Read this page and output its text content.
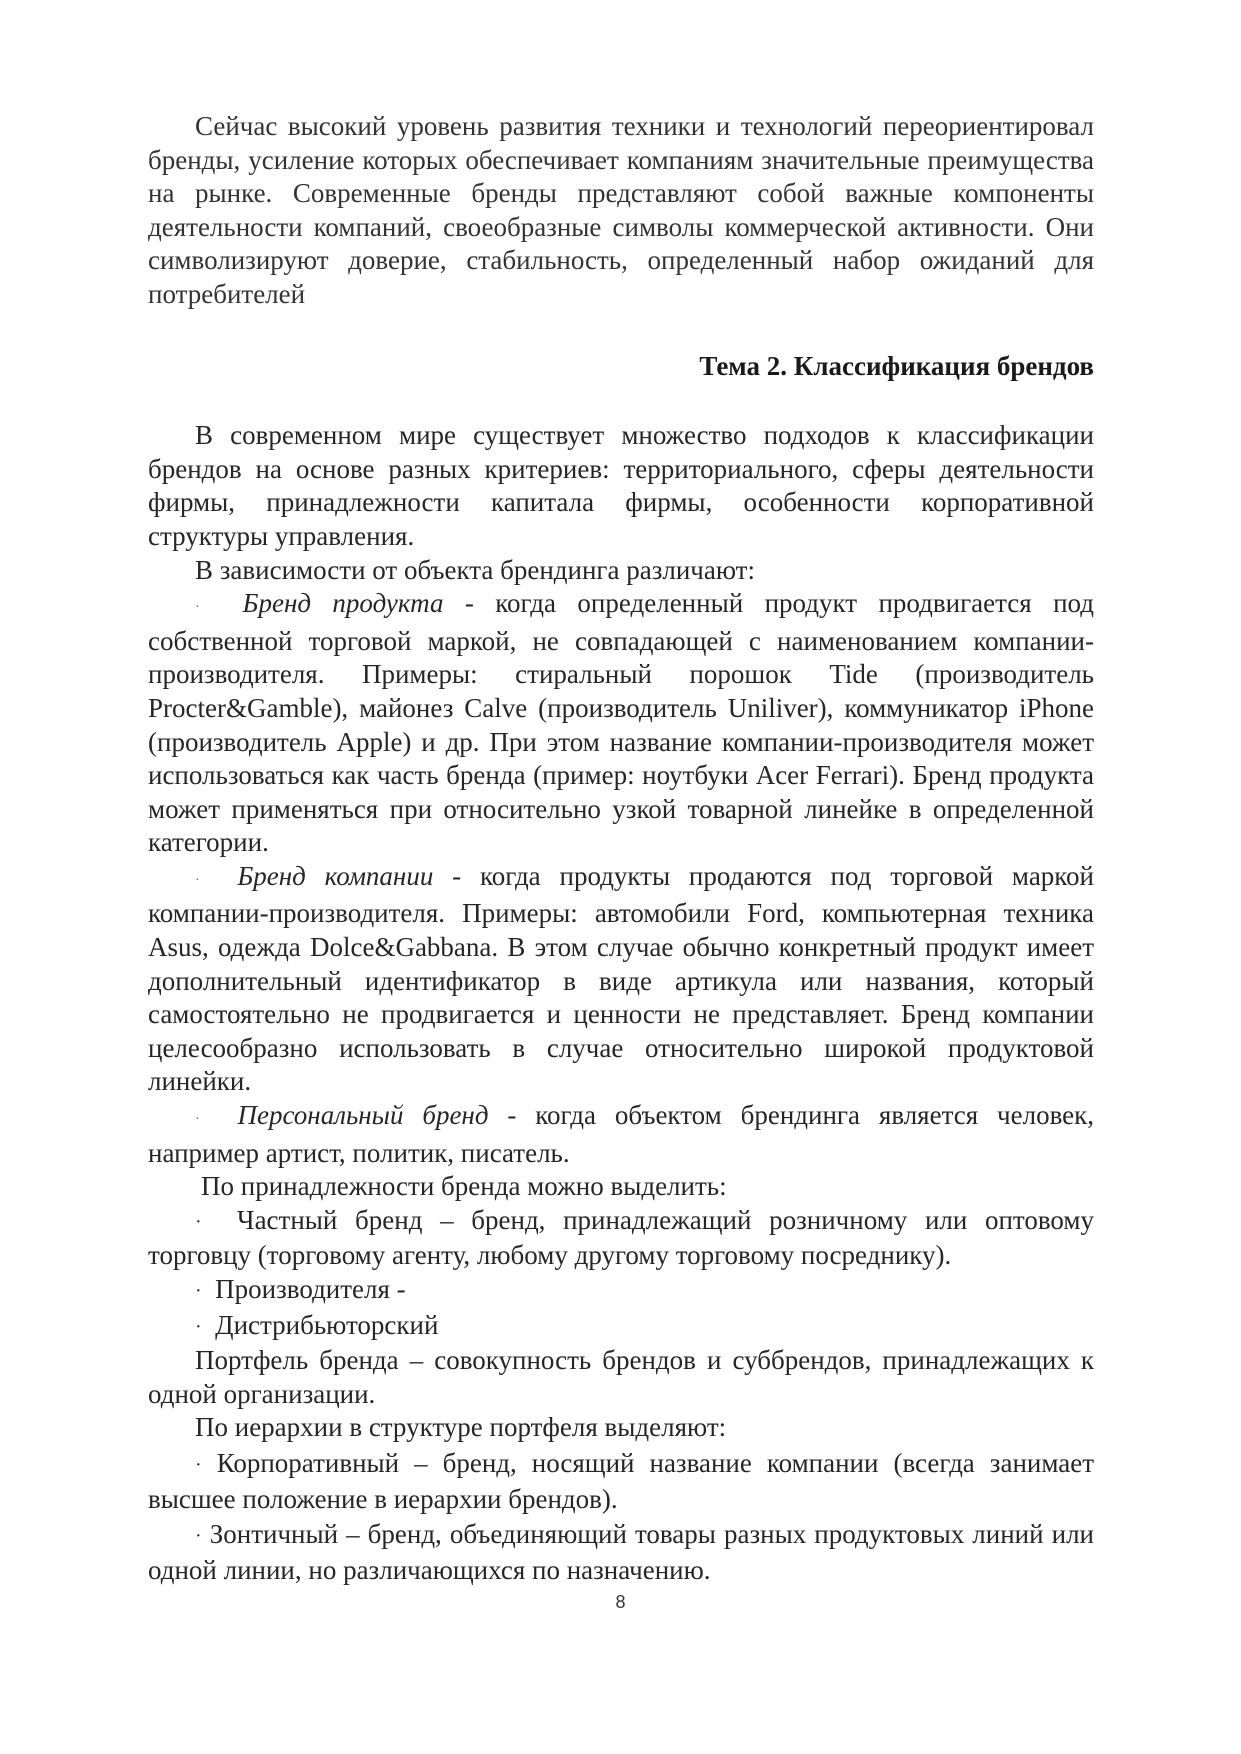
Сейчас высокий уровень развития техники и технологий переориентировал бренды, усиление которых обеспечивает компаниям значительные преимущества на рынке. Современные бренды представляют собой важные компоненты деятельности компаний, своеобразные символы коммерческой активности. Они символизируют доверие, стабильность, определенный набор ожиданий для потребителей

Тема 2. Классификация брендов

В современном мире существует множество подходов к классификации брендов на основе разных критериев: территориального, сферы деятельности фирмы, принадлежности капитала фирмы, особенности корпоративной структуры управления.

В зависимости от объекта брендинга различают:

· Бренд продукта - когда определенный продукт продвигается под собственной торговой маркой, не совпадающей с наименованием компании-производителя. Примеры: стиральный порошок Tide (производитель Procter&Gamble), майонез Calve (производитель Uniliver), коммуникатор iPhone (производитель Apple) и др. При этом название компании-производителя может использоваться как часть бренда (пример: ноутбуки Acer Ferrari). Бренд продукта может применяться при относительно узкой товарной линейке в определенной категории.

· Бренд компании - когда продукты продаются под торговой маркой компании-производителя. Примеры: автомобили Ford, компьютерная техника Asus, одежда Dolce&Gabbana. В этом случае обычно конкретный продукт имеет дополнительный идентификатор в виде артикула или названия, который самостоятельно не продвигается и ценности не представляет. Бренд компании целесообразно использовать в случае относительно широкой продуктовой линейки.

· Персональный бренд - когда объектом брендинга является человек, например артист, политик, писатель.

По принадлежности бренда можно выделить:

· Частный бренд – бренд, принадлежащий розничному или оптовому торговцу (торговому агенту, любому другому торговому посреднику).

· Производителя -

· Дистрибьюторский

Портфель бренда – совокупность брендов и суббрендов, принадлежащих к одной организации.

По иерархии в структуре портфеля выделяют:

· Корпоративный – бренд, носящий название компании (всегда занимает высшее положение в иерархии брендов).

· Зонтичный – бренд, объединяющий товары разных продуктовых линий или одной линии, но различающихся по назначению.

8
